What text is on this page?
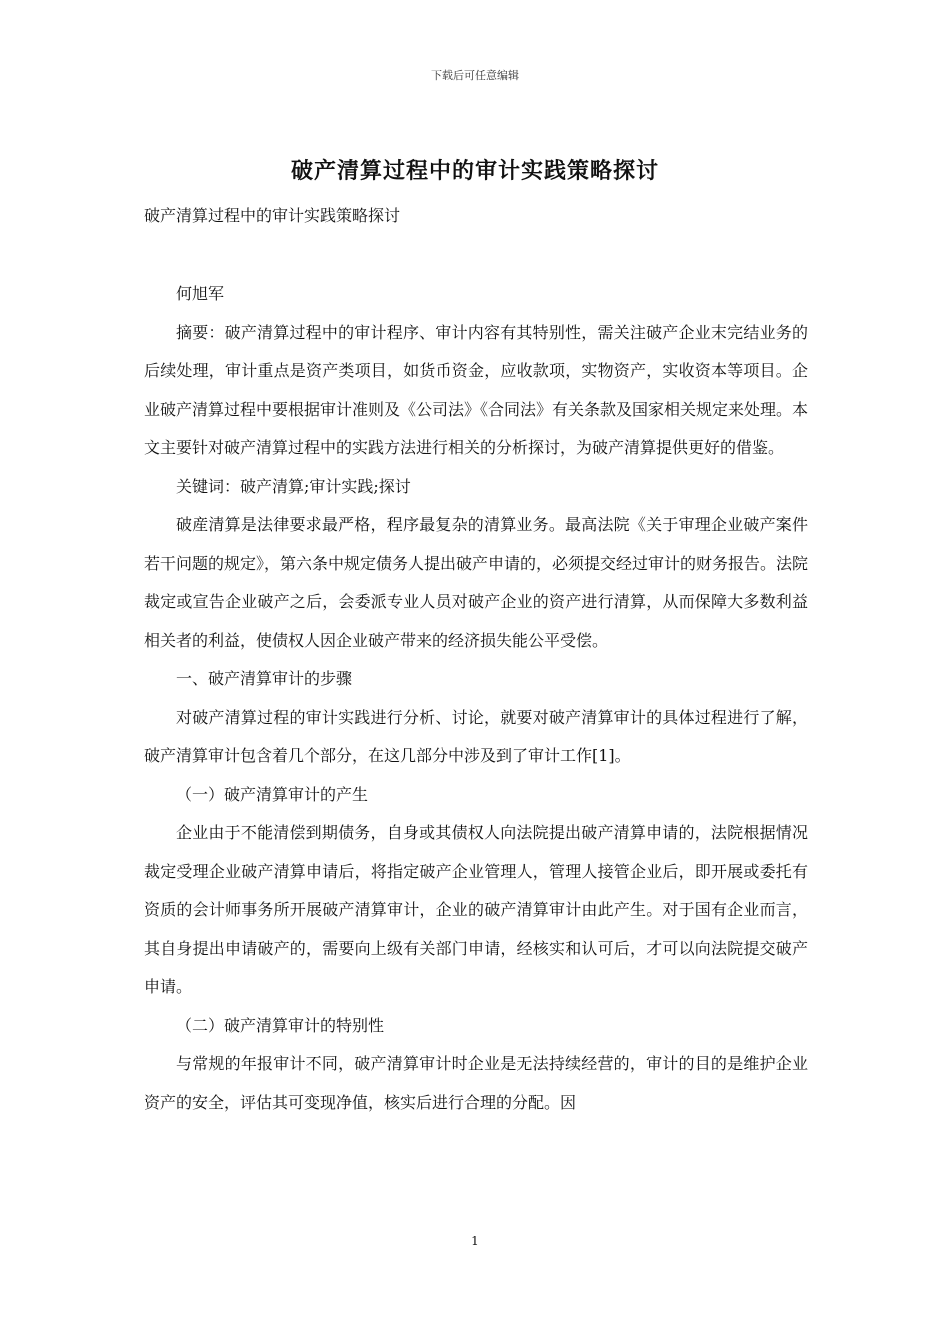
下载后可任意编辑
破产清算过程中的审计实践策略探讨
破产清算过程中的审计实践策略探讨

何旭军

摘要：破产清算过程中的审计程序、审计内容有其特别性，需关注破产企业末完结业务的后续处理，审计重点是资产类项目，如货币资金，应收款项，实物资产，实收资本等项目。企业破产清算过程中要根据审计准则及《公司法》《合同法》有关条款及国家相关规定来处理。本文主要针对破产清算过程中的实践方法进行相关的分析探讨，为破产清算提供更好的借鉴。

关键词：破产清算;审计实践;探讨

破産清算是法律要求最严格，程序最复杂的清算业务。最高法院《关于审理企业破产案件若干问题的规定》，第六条中规定债务人提出破产申请的，必须提交经过审计的财务报告。法院裁定或宣告企业破产之后，会委派专业人员对破产企业的资产进行清算，从而保障大多数利益相关者的利益，使债权人因企业破产带来的经济损失能公平受偿。

一、破产清算审计的步骤

对破产清算过程的审计实践进行分析、讨论，就要对破产清算审计的具体过程进行了解，破产清算审计包含着几个部分，在这几部分中涉及到了审计工作[1]。

（一）破产清算审计的产生

企业由于不能清偿到期债务，自身或其债权人向法院提出破产清算申请的，法院根据情况裁定受理企业破产清算申请后，将指定破产企业管理人，管理人接管企业后，即开展或委托有资质的会计师事务所开展破产清算审计，企业的破产清算审计由此产生。对于国有企业而言，其自身提出申请破产的，需要向上级有关部门申请，经核实和认可后，才可以向法院提交破产申请。

（二）破产清算审计的特别性

与常规的年报审计不同，破产清算审计时企业是无法持续经营的，审计的目的是维护企业资产的安全，评估其可变现净值，核实后进行合理的分配。因

1
